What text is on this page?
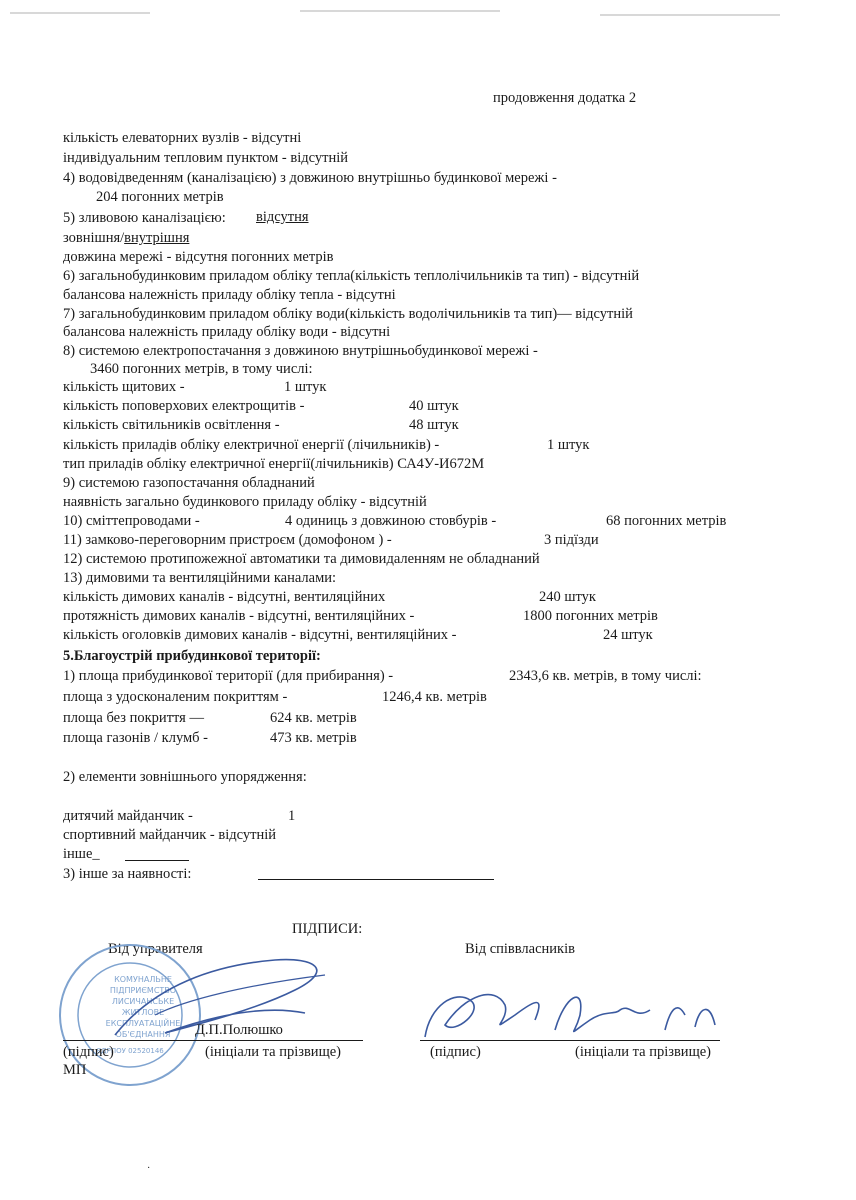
продовження додатка 2
кількість елеваторних вузлів - відсутні
індивідуальним тепловим пунктом - відсутній
4) водовідведенням (каналізацією) з довжиною внутрішньо будинкової мережі -
204 погонних метрів
5) зливовою каналізацією: відсутня
зовнішня/внутрішня
довжина мережі - відсутня погонних метрів
6) загальнобудинковим приладом обліку тепла(кількість теплолічильників та тип) - відсутній
балансова належність приладу обліку тепла - відсутні
7) загальнобудинковим приладом обліку води(кількість водолічильників та тип)— відсутній
балансова належність приладу обліку води - відсутні
8) системою електропостачання з довжиною внутрішньобудинкової мережі -
3460 погонних метрів, в тому числі:
кількість щитових -	1 штук
кількість поповерхових електрощитів -	40 штук
кількість світильників освітлення -	48 штук
кількість приладів обліку електричної енергії (лічильників) -	1 штук
тип приладів обліку електричної енергії(лічильників) СА4У-И672М
9) системою газопостачання обладнаний
наявність загально будинкового приладу обліку - відсутній
10) сміттепроводами -	4 одиниць з довжиною стовбурів -	68 погонних метрів
11) замково-переговорним пристроєм (домофоном ) -	3 підїзди
12) системою протипожежної автоматики та димовидаленням не обладнаний
13) димовими та вентиляційними каналами:
кількість димових каналів - відсутні, вентиляційних	240 штук
протяжність димових каналів - відсутні, вентиляційних -	1800 погонних метрів
кількість оголовків димових каналів - відсутні, вентиляційних -	24 штук
5.Благоустрій прибудинкової території:
1) площа прибудинкової території (для прибирання) -	2343,6 кв. метрів, в тому числі:
площа з удосконаленим покриттям -	1246,4 кв. метрів
площа без покриття —	624 кв. метрів
площа газонів / клумб -	473 кв. метрів
2) елементи зовнішнього упорядження:
дитячий майданчик -	1
спортивний майданчик - відсутній
інше_
3) інше за наявності:
ПІДПИСИ:
Від управителя	Від співвласників
КОМУНАЛЬНЕ
ПІДПРИЄМСТВО
ЛИСИЧАНСЬКЕ
ЖИТЛОВЕ
ЕКСПЛУАТАЦІЙНЕ
ОБ'ЄДНАННЯ
ЄДРПОУ 02520146
Д.П.Полюшко
(підпис)	(ініціали та прізвище)
МП
(підпис)	(ініціали та прізвище)
·
